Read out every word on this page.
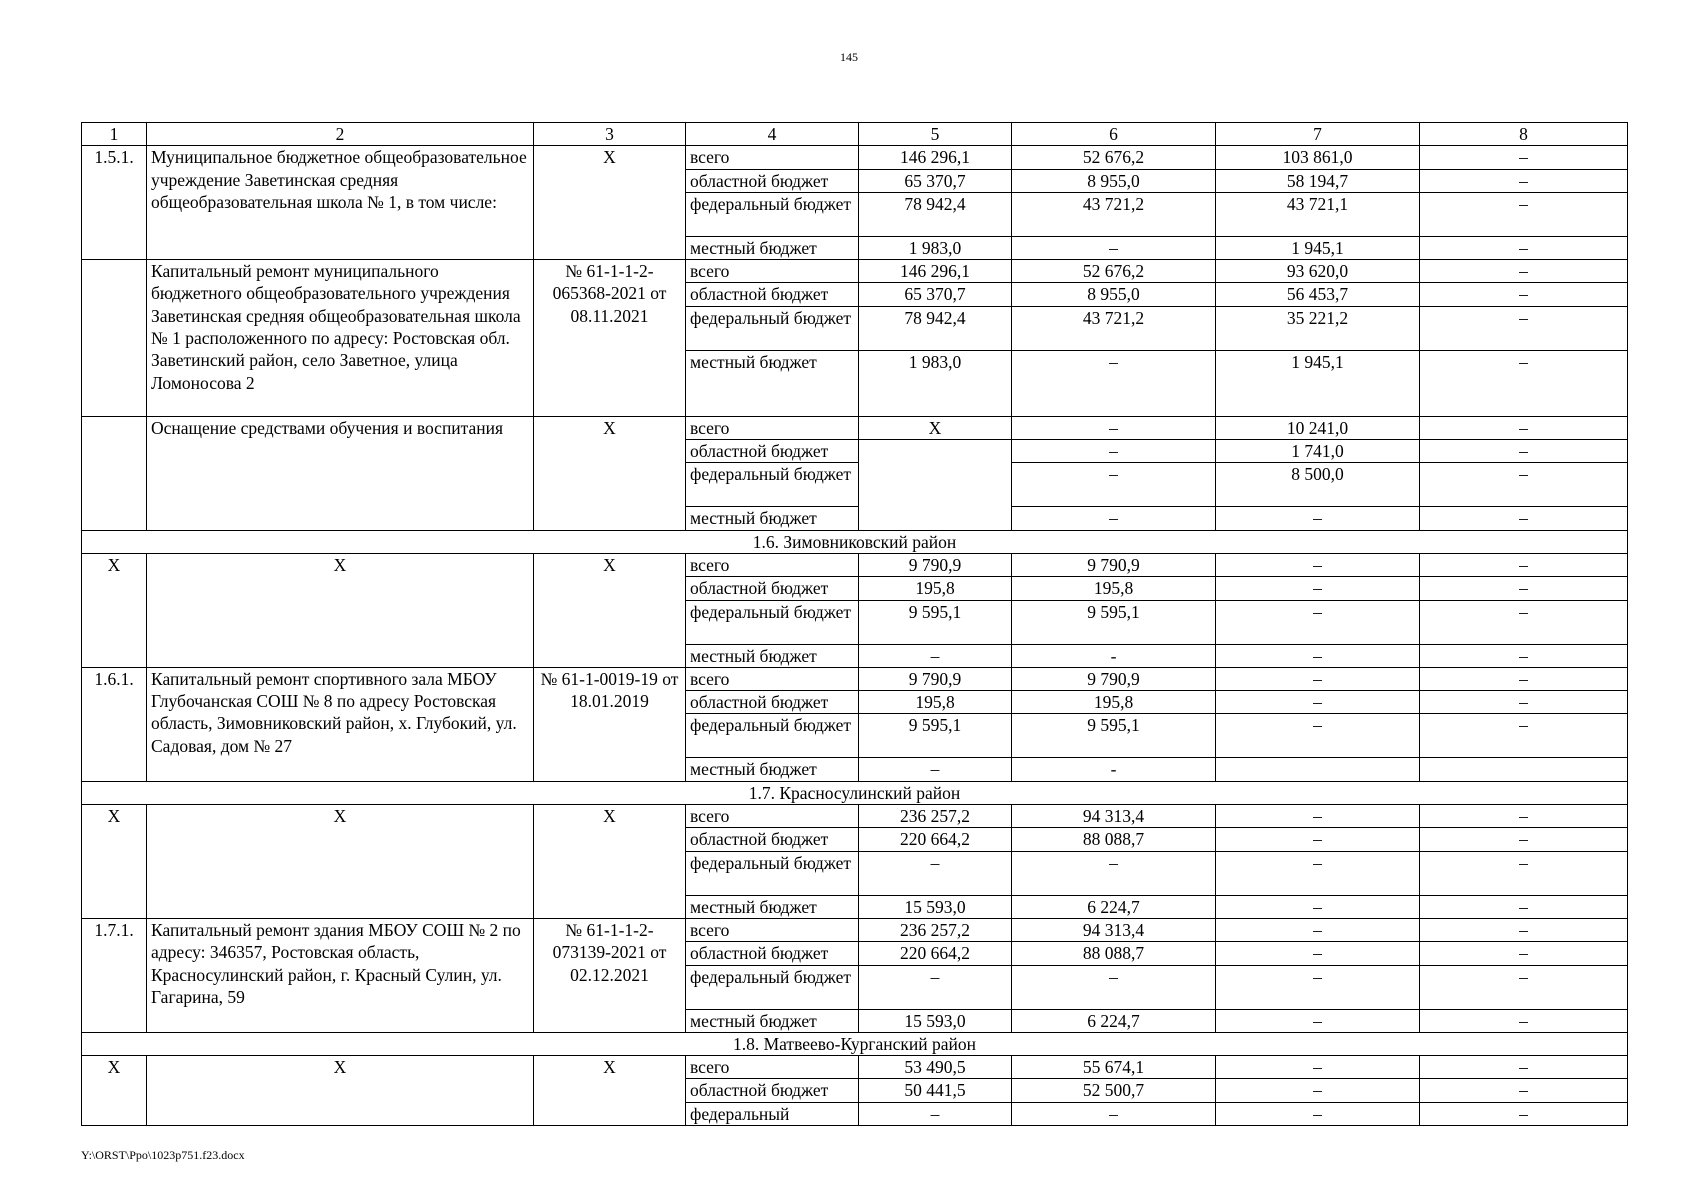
145
1	2	3	4	5	6	7	8
1.5.1.	Муниципальное бюджетное общеобразовательное учреждение Заветинская средняя общеобразовательная школа № 1, в том числе:	Х	всего	146 296,1	52 676,2	103 861,0	–
			областной бюджет	65 370,7	8 955,0	58 194,7	–
			федеральный бюджет	78 942,4	43 721,2	43 721,1	–
			местный бюджет	1 983,0	–	1 945,1	–
	Капитальный ремонт муниципального бюджетного общеобразовательного учреждения Заветинская средняя общеобразовательная школа № 1 расположенного по адресу: Ростовская обл. Заветинский район, село Заветное, улица Ломоносова 2	№ 61-1-1-2-065368-2021 от 08.11.2021	всего	146 296,1	52 676,2	93 620,0	–
			областной бюджет	65 370,7	8 955,0	56 453,7	–
			федеральный бюджет	78 942,4	43 721,2	35 221,2	–
			местный бюджет	1 983,0	–	1 945,1	–
	Оснащение средствами обучения и воспитания	Х	всего	Х	–	10 241,0	–
			областной бюджет		–	1 741,0	–
			федеральный бюджет		–	8 500,0	–
			местный бюджет		–	–	–
1.6. Зимовниковский район							
Х	Х	Х	всего	9 790,9	9 790,9	–	–
			областной бюджет	195,8	195,8	–	–
			федеральный бюджет	9 595,1	9 595,1	–	–
			местный бюджет	–	-	–	–
1.6.1.	Капитальный ремонт спортивного зала МБОУ Глубочанская СОШ № 8 по адресу Ростовская область, Зимовниковский район, х. Глубокий, ул. Садовая, дом № 27	№ 61-1-0019-19 от 18.01.2019	всего	9 790,9	9 790,9	–	–
			областной бюджет	195,8	195,8	–	–
			федеральный бюджет	9 595,1	9 595,1	–	–
			местный бюджет	–	-		
1.7. Красносулинский район							
Х	Х	Х	всего	236 257,2	94 313,4	–	–
			областной бюджет	220 664,2	88 088,7	–	–
			федеральный бюджет	–	–	–	–
			местный бюджет	15 593,0	6 224,7	–	–
1.7.1.	Капитальный ремонт здания МБОУ СОШ № 2 по адресу: 346357, Ростовская область, Красносулинский район, г. Красный Сулин, ул. Гагарина, 59	№ 61-1-1-2-073139-2021 от 02.12.2021	всего	236 257,2	94 313,4	–	–
			областной бюджет	220 664,2	88 088,7	–	–
			федеральный бюджет	–	–	–	–
			местный бюджет	15 593,0	6 224,7	–	–
1.8. Матвеево-Курганский район							
Х	Х	Х	всего	53 490,5	55 674,1	–	–
			областной бюджет	50 441,5	52 500,7	–	–
			федеральный	–	–	–	–
Y:\ORST\Ppo\1023p751.f23.docx
